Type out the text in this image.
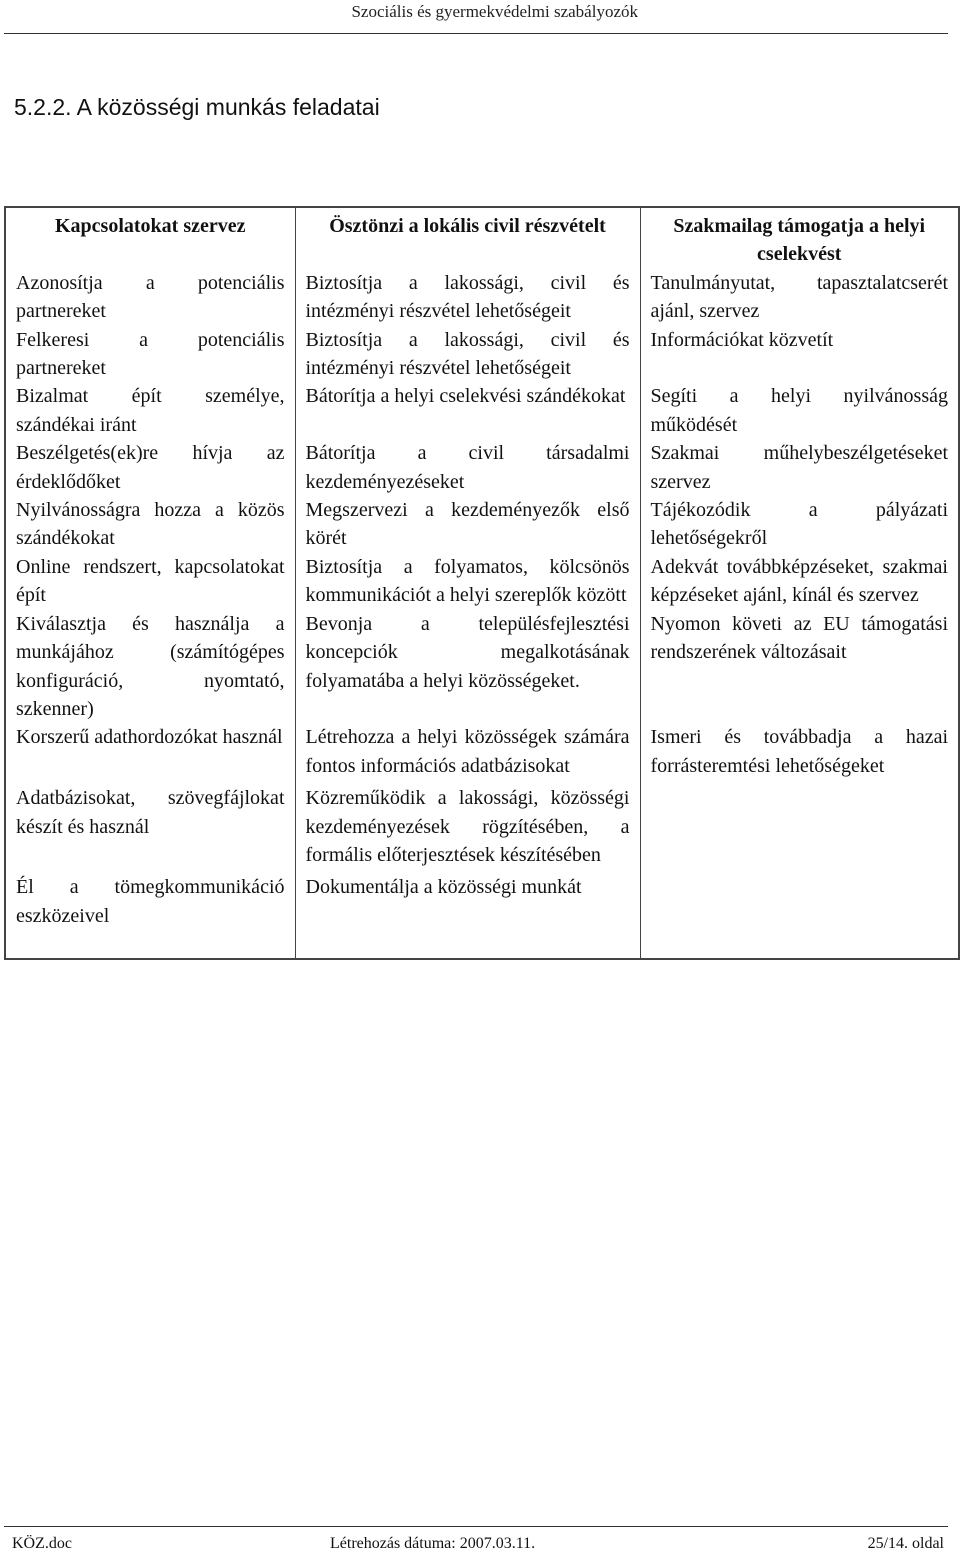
Szociális és gyermekvédelmi szabályozók
5.2.2. A közösségi munkás feladatai
Kapcsolatokat szervez	Ösztönzi a lokális civil részvételt	Szakmailag támogatja a helyi cselekvést
Azonosítja a potenciális partnereket	Biztosítja a lakossági, civil és intézményi részvétel lehetőségeit	Tanulmányutat, tapasztalatcserét ajánl, szervez
Felkeresi a potenciális partnereket	Biztosítja a lakossági, civil és intézményi részvétel lehetőségeit	Információkat közvetít
Bizalmat épít személye, szándékai iránt	Bátorítja a helyi cselekvési szándékokat	Segíti a helyi nyilvánosság működését
Beszélgetés(ek)re hívja az érdeklődőket	Bátorítja a civil társadalmi kezdeményezéseket	Szakmai műhelybeszélgetéseket szervez
Nyilvánosságra hozza a közös szándékokat	Megszervezi a kezdeményezők első körét	Tájékozódik a pályázati lehetőségekről
Online rendszert, kapcsolatokat épít	Biztosítja a folyamatos, kölcsönös kommunikációt a helyi szereplők között	Adekvát továbbképzéseket, szakmai képzéseket ajánl, kínál és szervez
Kiválasztja és használja a munkájához (számítógépes konfiguráció, nyomtató, szkenner)	Bevonja a településfejlesztési koncepciók megalkotásának folyamatába a helyi közösségeket.	Nyomon követi az EU támogatási rendszerének változásait
Korszerű adathordozókat használ	Létrehozza a helyi közösségek számára fontos információs adatbázisokat	Ismeri és továbbadja a hazai forrásteremtési lehetőségeket
Adatbázisokat, szövegfájlokat készít és használ	Közreműködik a lakossági, közösségi kezdeményezések rögzítésében, a formális előterjesztések készítésében	
Él a tömegkommunikáció eszközeivel	Dokumentálja a közösségi munkát	
KÖZ.doc	Létrehozás dátuma: 2007.03.11.	25/14. oldal
